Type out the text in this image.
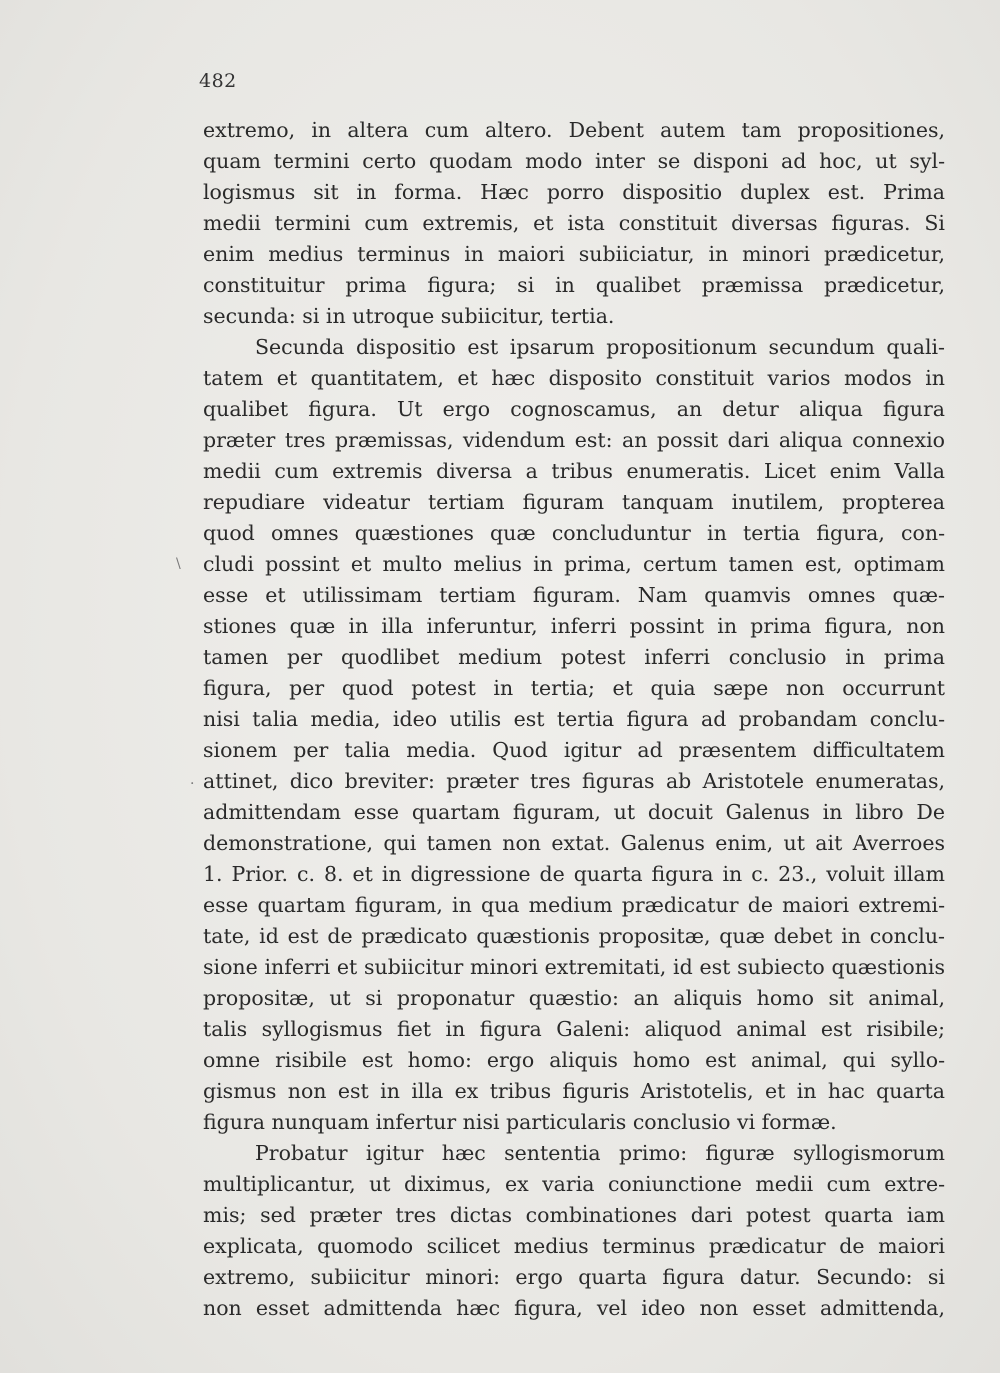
482
\
·
extremo, in altera cum altero. Debent autem tam propositiones,
quam termini certo quodam modo inter se disponi ad hoc, ut syl-
logismus sit in forma. Hæc porro dispositio duplex est. Prima
medii termini cum extremis, et ista constituit diversas figuras. Si
enim medius terminus in maiori subiiciatur, in minori prædicetur,
constituitur prima figura; si in qualibet præmissa prædicetur,
secunda: si in utroque subiicitur, tertia.
Secunda dispositio est ipsarum propositionum secundum quali-
tatem et quantitatem, et hæc disposito constituit varios modos in
qualibet figura. Ut ergo cognoscamus, an detur aliqua figura
præter tres præmissas, videndum est: an possit dari aliqua connexio
medii cum extremis diversa a tribus enumeratis. Licet enim Valla
repudiare videatur tertiam figuram tanquam inutilem, propterea
quod omnes quæstiones quæ concluduntur in tertia figura, con-
cludi possint et multo melius in prima, certum tamen est, optimam
esse et utilissimam tertiam figuram. Nam quamvis omnes quæ-
stiones quæ in illa inferuntur, inferri possint in prima figura, non
tamen per quodlibet medium potest inferri conclusio in prima
figura, per quod potest in tertia; et quia sæpe non occurrunt
nisi talia media, ideo utilis est tertia figura ad probandam conclu-
sionem per talia media. Quod igitur ad præsentem difficultatem
attinet, dico breviter: præter tres figuras ab Aristotele enumeratas,
admittendam esse quartam figuram, ut docuit Galenus in libro De
demonstratione, qui tamen non extat. Galenus enim, ut ait Averroes
1. Prior. c. 8. et in digressione de quarta figura in c. 23., voluit illam
esse quartam figuram, in qua medium prædicatur de maiori extremi-
tate, id est de prædicato quæstionis propositæ, quæ debet in conclu-
sione inferri et subiicitur minori extremitati, id est subiecto quæstionis
propositæ, ut si proponatur quæstio: an aliquis homo sit animal,
talis syllogismus fiet in figura Galeni: aliquod animal est risibile;
omne risibile est homo: ergo aliquis homo est animal, qui syllo-
gismus non est in illa ex tribus figuris Aristotelis, et in hac quarta
figura nunquam infertur nisi particularis conclusio vi formæ.
Probatur igitur hæc sententia primo: figuræ syllogismorum
multiplicantur, ut diximus, ex varia coniunctione medii cum extre-
mis; sed præter tres dictas combinationes dari potest quarta iam
explicata, quomodo scilicet medius terminus prædicatur de maiori
extremo, subiicitur minori: ergo quarta figura datur. Secundo: si
non esset admittenda hæc figura, vel ideo non esset admittenda,
